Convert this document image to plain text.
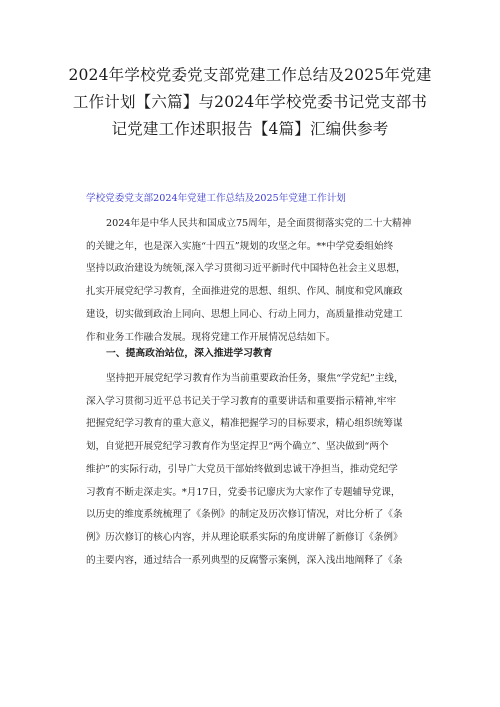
2024年学校党委党支部党建工作总结及2025年党建
工作计划【六篇】与2024年学校党委书记党支部书
记党建工作述职报告【4篇】汇编供参考
学校党委党支部2024年党建工作总结及2025年党建工作计划

2024年是中华人民共和国成立75周年，是全面贯彻落实党的二十大精神
的关键之年，也是深入实施“十四五”规划的攻坚之年。**中学党委组始终
坚持以政治建设为统领,深入学习贯彻习近平新时代中国特色社会主义思想，
扎实开展党纪学习教育，全面推进党的思想、组织、作风、制度和党风廉政
建设，切实做到政治上同向、思想上同心、行动上同力，高质量推动党建工
作和业务工作融合发展。现将党建工作开展情况总结如下。

一、提高政治站位，深入推进学习教育

坚持把开展党纪学习教育作为当前重要政治任务，聚焦“学党纪”主线，
深入学习贯彻习近平总书记关于学习教育的重要讲话和重要指示精神,牢牢
把握党纪学习教育的重大意义，精准把握学习的目标要求，精心组织统筹谋
划，自觉把开展党纪学习教育作为坚定捍卫“两个确立”、坚决做到“两个
维护”的实际行动，引导广大党员干部始终做到忠诚干净担当，推动党纪学
习教育不断走深走实。*月17日，党委书记廖庆为大家作了专题辅导党课，
以历史的维度系统梳理了《条例》的制定及历次修订情况，对比分析了《条
例》历次修订的核心内容，并从理论联系实际的角度讲解了新修订《条例》
的主要内容，通过结合一系列典型的反腐警示案例，深入浅出地阐释了《条
